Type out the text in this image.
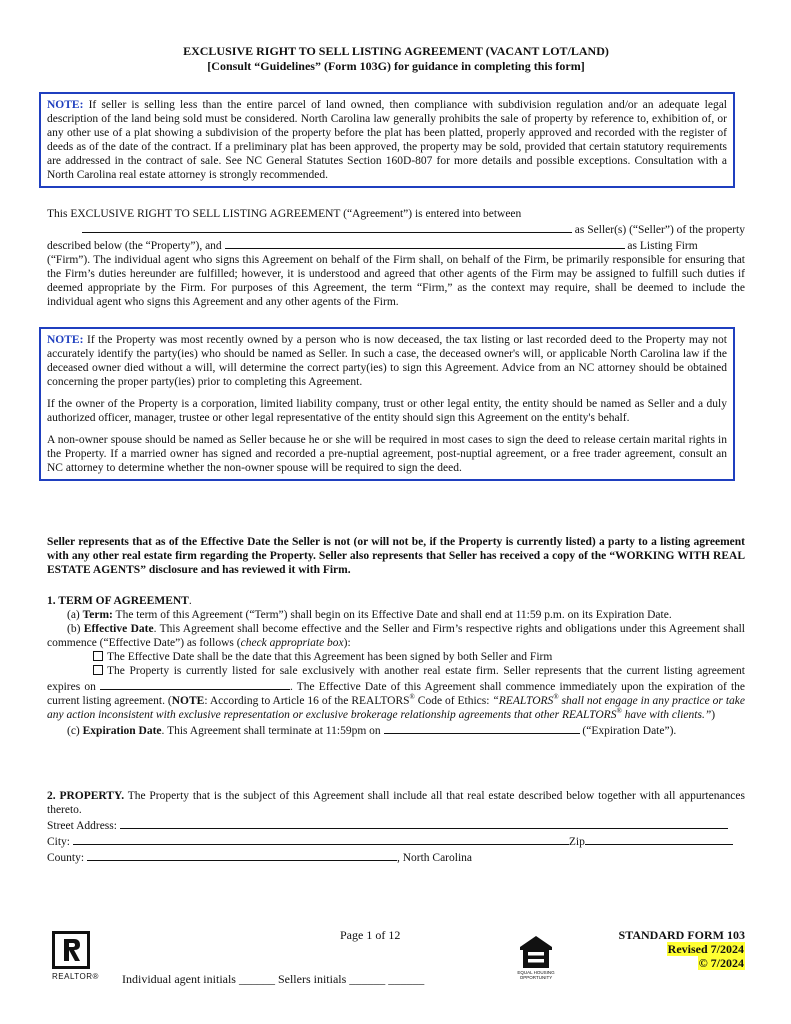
EXCLUSIVE RIGHT TO SELL LISTING AGREEMENT (VACANT LOT/LAND)
[Consult “Guidelines” (Form 103G) for guidance in completing this form]
NOTE: If seller is selling less than the entire parcel of land owned, then compliance with subdivision regulation and/or an adequate legal description of the land being sold must be considered. North Carolina law generally prohibits the sale of property by reference to, exhibition of, or any other use of a plat showing a subdivision of the property before the plat has been platted, properly approved and recorded with the register of deeds as of the date of the contract. If a preliminary plat has been approved, the property may be sold, provided that certain statutory requirements are addressed in the contract of sale. See NC General Statutes Section 160D-807 for more details and possible exceptions. Consultation with a North Carolina real estate attorney is strongly recommended.
This EXCLUSIVE RIGHT TO SELL LISTING AGREEMENT (“Agreement”) is entered into between
as Seller(s) (“Seller”) of the property
described below (the “Property”), and	as Listing Firm
(“Firm”). The individual agent who signs this Agreement on behalf of the Firm shall, on behalf of the Firm, be primarily responsible for ensuring that the Firm’s duties hereunder are fulfilled; however, it is understood and agreed that other agents of the Firm may be assigned to fulfill such duties if deemed appropriate by the Firm. For purposes of this Agreement, the term “Firm,” as the context may require, shall be deemed to include the individual agent who signs this Agreement and any other agents of the Firm.

NOTE: If the Property was most recently owned by a person who is now deceased, the tax listing or last recorded deed to the Property may not accurately identify the party(ies) who should be named as Seller. In such a case, the deceased owner's will, or applicable North Carolina law if the deceased owner died without a will, will determine the correct party(ies) to sign this Agreement. Advice from an NC attorney should be obtained concerning the proper party(ies) prior to completing this Agreement.

If the owner of the Property is a corporation, limited liability company, trust or other legal entity, the entity should be named as Seller and a duly authorized officer, manager, trustee or other legal representative of the entity should sign this Agreement on the entity's behalf.

A non-owner spouse should be named as Seller because he or she will be required in most cases to sign the deed to release certain marital rights in the Property. If a married owner has signed and recorded a pre-nuptial agreement, post-nuptial agreement, or a free trader agreement, consult an NC attorney to determine whether the non-owner spouse will be required to sign the deed.

Seller represents that as of the Effective Date the Seller is not (or will not be, if the Property is currently listed) a party to a listing agreement with any other real estate firm regarding the Property. Seller also represents that Seller has received a copy of the “WORKING WITH REAL ESTATE AGENTS” disclosure and has reviewed it with Firm.
1. TERM OF AGREEMENT.
(a) Term: The term of this Agreement (“Term”) shall begin on its Effective Date and shall end at 11:59 p.m. on its Expiration Date.
(b) Effective Date. This Agreement shall become effective and the Seller and Firm’s respective rights and obligations under this Agreement shall commence (“Effective Date”) as follows (check appropriate box):
The Effective Date shall be the date that this Agreement has been signed by both Seller and Firm
The Property is currently listed for sale exclusively with another real estate firm. Seller represents that the current listing agreement expires on	. The Effective Date of this Agreement shall commence immediately upon the expiration of the current listing agreement. (NOTE: According to Article 16 of the REALTORS® Code of Ethics: “REALTORS® shall not engage in any practice or take any action inconsistent with exclusive representation or exclusive brokerage relationship agreements that other REALTORS® have with clients.”)
(c) Expiration Date. This Agreement shall terminate at 11:59pm on	(“Expiration Date”).
2. PROPERTY. The Property that is the subject of this Agreement shall include all that real estate described below together with all appurtenances thereto.
Street Address:
City:	Zip
County:	, North Carolina
REALTOR®
Page 1 of 12
EQUAL HOUSING OPPORTUNITY
STANDARD FORM 103
Revised 7/2024
© 7/2024
Individual agent initials ______ Sellers initials ______ ______
